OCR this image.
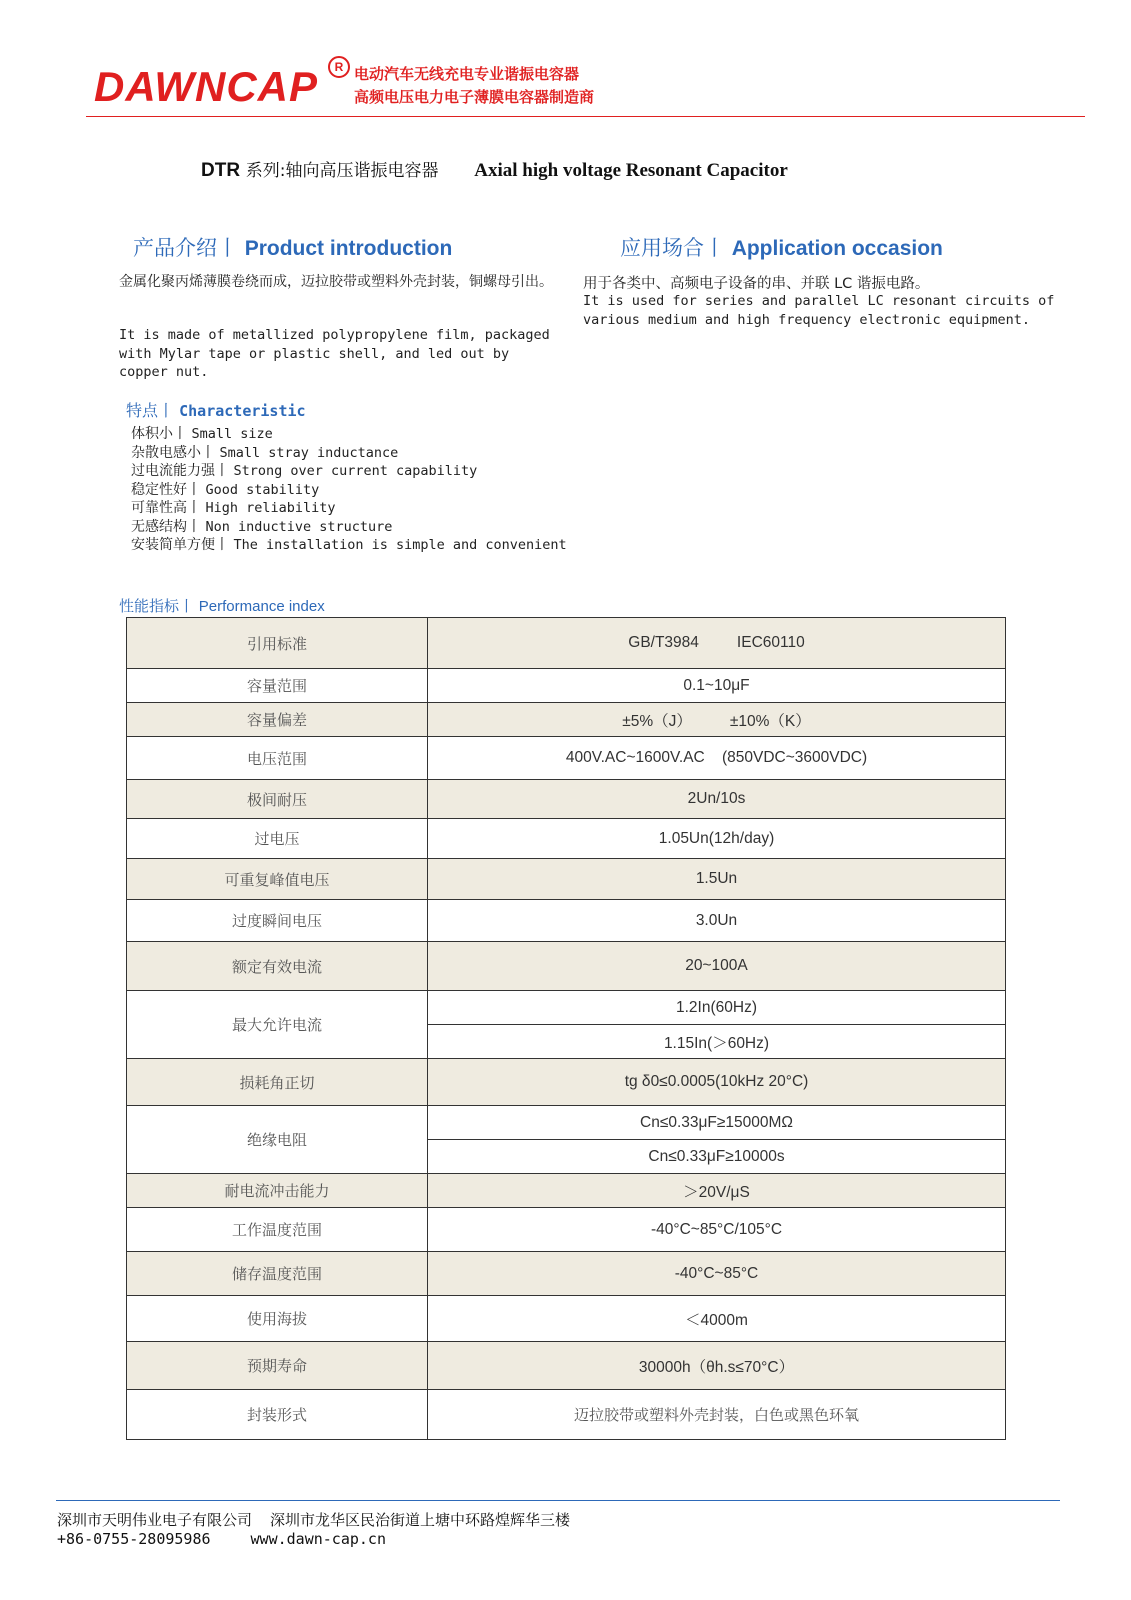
DAWNCAP	R 电动汽车无线充电专业谐振电容器
高频电压电力电子薄膜电容器制造商
DTR 系列:轴向高压谐振电容器 Axial high voltage Resonant Capacitor
产品介绍丨 Product introduction
金属化聚丙烯薄膜卷绕而成，迈拉胶带或塑料外壳封装，铜螺母引出。
It is made of metallized polypropylene film, packaged with Mylar tape or plastic shell, and led out by copper nut.
应用场合丨 Application occasion
用于各类中、高频电子设备的串、并联 LC 谐振电路。
It is used for series and parallel LC resonant circuits of various medium and high frequency electronic equipment.
特点丨 Characteristic
体积小丨 Small size
杂散电感小丨 Small stray inductance
过电流能力强丨 Strong over current capability
稳定性好丨 Good stability
可靠性高丨 High reliability
无感结构丨 Non inductive structure
安装简单方便丨 The installation is simple and convenient
性能指标丨 Performance index
引用标准	GB/T3984 IEC60110
容量范围	0.1~10μF
容量偏差	±5%（J） ±10%（K）
电压范围	400V.AC~1600V.AC (850VDC~3600VDC)
极间耐压	2Un/10s
过电压	1.05Un(12h/day)
可重复峰值电压	1.5Un
过度瞬间电压	3.0Un
额定有效电流	20~100A
最大允许电流	1.2In(60Hz)
	1.15In(＞60Hz)
损耗角正切	tg δ0≤0.0005(10kHz 20°C)
绝缘电阻	Cn≤0.33μF≥15000MΩ
	Cn≤0.33μF≥10000s
耐电流冲击能力	＞20V/μS
工作温度范围	-40°C~85°C/105°C
储存温度范围	-40°C~85°C
使用海拔	＜4000m
预期寿命	30000h（θh.s≤70°C）
封装形式	迈拉胶带或塑料外壳封装，白色或黑色环氧
深圳市天明伟业电子有限公司 深圳市龙华区民治街道上塘中环路煌辉华三楼
+86-0755-28095986	www.dawn-cap.cn
